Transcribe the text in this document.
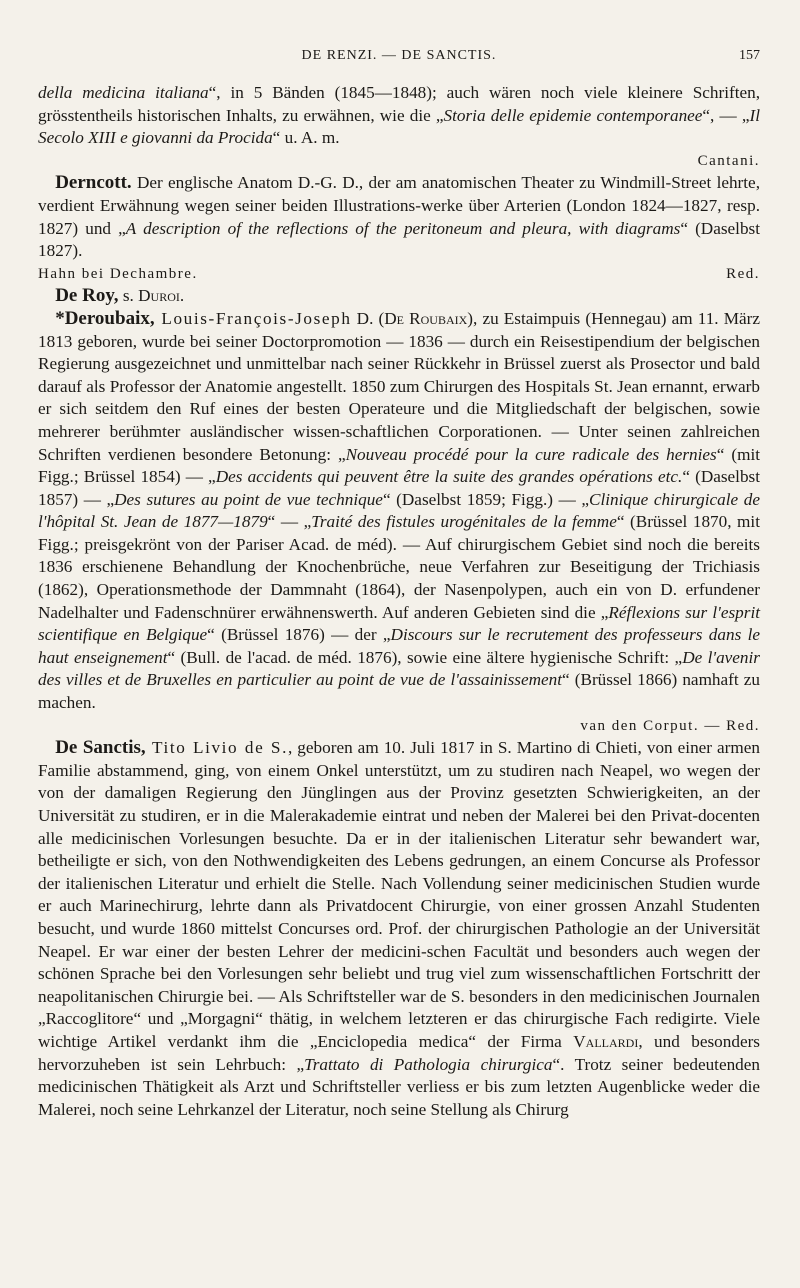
DE RENZI. — DE SANCTIS.	157

della medicina italiana“, in 5 Bänden (1845—1848); auch wären noch viele kleinere Schriften, grösstentheils historischen Inhalts, zu erwähnen, wie die „Storia delle epidemie contemporanee“, — „Il Secolo XIII e giovanni da Procida“ u. A. m.

Cantani.

 Derncott. Der englische Anatom D.-G. D., der am anatomischen Theater zu Windmill-Street lehrte, verdient Erwähnung wegen seiner beiden Illustrations-werke über Arterien (London 1824—1827, resp. 1827) und „A description of the reflections of the peritoneum and pleura, with diagrams“ (Daselbst 1827).

Hahn bei Dechambre.	Red.

 De Roy, s. Duroi.

 *Deroubaix, Louis-François-Joseph D. (De Roubaix), zu Estaimpuis (Hennegau) am 11. März 1813 geboren, wurde bei seiner Doctorpromotion — 1836 — durch ein Reisestipendium der belgischen Regierung ausgezeichnet und unmittelbar nach seiner Rückkehr in Brüssel zuerst als Prosector und bald darauf als Professor der Anatomie angestellt. 1850 zum Chirurgen des Hospitals St. Jean ernannt, erwarb er sich seitdem den Ruf eines der besten Operateure und die Mitgliedschaft der belgischen, sowie mehrerer berühmter ausländischer wissen-schaftlichen Corporationen. — Unter seinen zahlreichen Schriften verdienen besondere Betonung: „Nouveau procédé pour la cure radicale des hernies“ (mit Figg.; Brüssel 1854) — „Des accidents qui peuvent être la suite des grandes opérations etc.“ (Daselbst 1857) — „Des sutures au point de vue technique“ (Daselbst 1859; Figg.) — „Clinique chirurgicale de l'hôpital St. Jean de 1877—1879“ — „Traité des fistules urogénitales de la femme“ (Brüssel 1870, mit Figg.; preisgekrönt von der Pariser Acad. de méd). — Auf chirurgischem Gebiet sind noch die bereits 1836 erschienene Behandlung der Knochenbrüche, neue Verfahren zur Beseitigung der Trichiasis (1862), Operationsmethode der Dammnaht (1864), der Nasenpolypen, auch ein von D. erfundener Nadelhalter und Fadenschnürer erwähnenswerth. Auf anderen Gebieten sind die „Réflexions sur l'esprit scientifique en Belgique“ (Brüssel 1876) — der „Discours sur le recrutement des professeurs dans le haut enseignement“ (Bull. de l'acad. de méd. 1876), sowie eine ältere hygienische Schrift: „De l'avenir des villes et de Bruxelles en particulier au point de vue de l'assainissement“ (Brüssel 1866) namhaft zu machen.

van den Corput. — Red.

 De Sanctis, Tito Livio de S., geboren am 10. Juli 1817 in S. Martino di Chieti, von einer armen Familie abstammend, ging, von einem Onkel unterstützt, um zu studiren nach Neapel, wo wegen der von der damaligen Regierung den Jünglingen aus der Provinz gesetzten Schwierigkeiten, an der Universität zu studiren, er in die Malerakademie eintrat und neben der Malerei bei den Privat-docenten alle medicinischen Vorlesungen besuchte. Da er in der italienischen Literatur sehr bewandert war, betheiligte er sich, von den Nothwendigkeiten des Lebens gedrungen, an einem Concurse als Professor der italienischen Literatur und erhielt die Stelle. Nach Vollendung seiner medicinischen Studien wurde er auch Marinechirurg, lehrte dann als Privatdocent Chirurgie, von einer grossen Anzahl Studenten besucht, und wurde 1860 mittelst Concurses ord. Prof. der chirurgischen Pathologie an der Universität Neapel. Er war einer der besten Lehrer der medicini-schen Facultät und besonders auch wegen der schönen Sprache bei den Vorlesungen sehr beliebt und trug viel zum wissenschaftlichen Fortschritt der neapolitanischen Chirurgie bei. — Als Schriftsteller war de S. besonders in den medicinischen Journalen „Raccoglitore“ und „Morgagni“ thätig, in welchem letzteren er das chirurgische Fach redigirte. Viele wichtige Artikel verdankt ihm die „Enciclopedia medica“ der Firma Vallardi, und besonders hervorzuheben ist sein Lehrbuch: „Trattato di Pathologia chirurgica“. Trotz seiner bedeutenden medicinischen Thätigkeit als Arzt und Schriftsteller verliess er bis zum letzten Augenblicke weder die Malerei, noch seine Lehrkanzel der Literatur, noch seine Stellung als Chirurg
